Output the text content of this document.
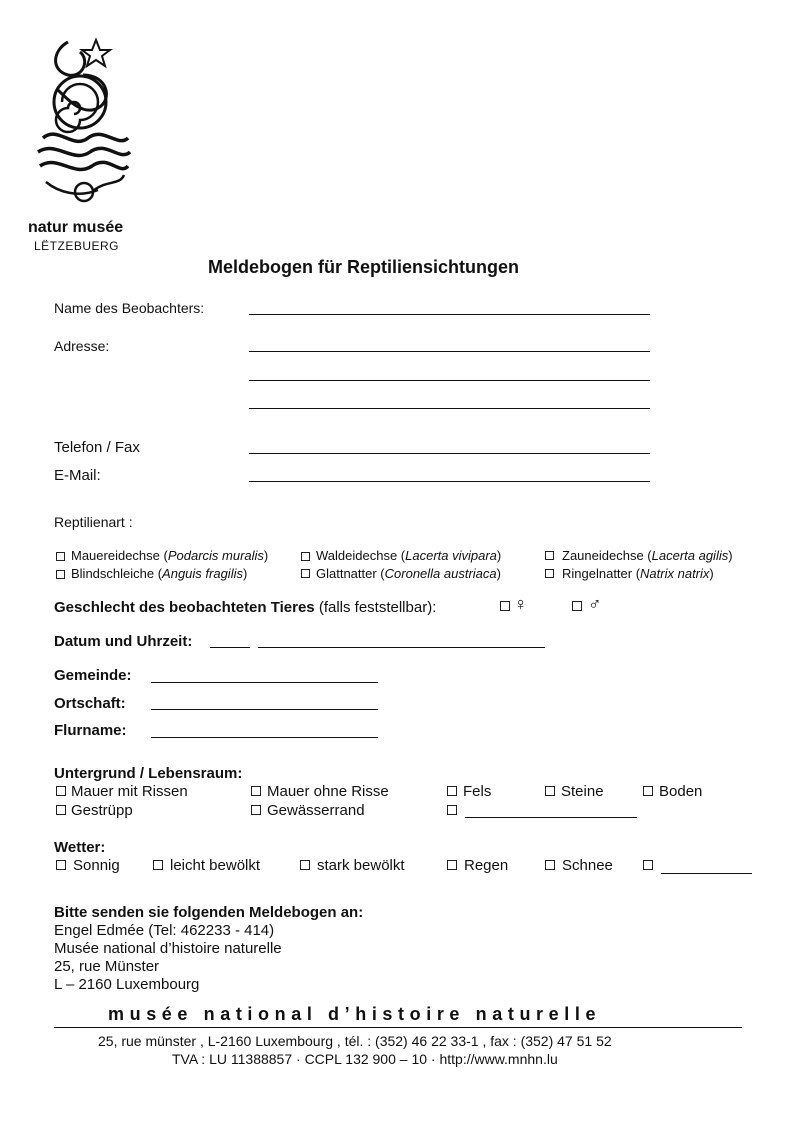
natur musée
LËTZEBUERG
Meldebogen für Reptiliensichtungen
Name des Beobachters:
Adresse:
Telefon / Fax
E-Mail:
Reptilienart :
Mauereidechse (Podarcis muralis)	Waldeidechse (Lacerta vivipara)	Zauneidechse (Lacerta agilis)
Blindschleiche (Anguis fragilis)	Glattnatter (Coronella austriaca)	Ringelnatter (Natrix natrix)
Geschlecht des beobachteten Tieres (falls feststellbar):	♀	♂
Datum und Uhrzeit:
Gemeinde:
Ortschaft:
Flurname:
Untergrund / Lebensraum:
Mauer mit Rissen	Mauer ohne Risse	Fels	Steine	Boden
Gestrüpp	Gewässerrand
Wetter:
Sonnig	leicht bewölkt	stark bewölkt	Regen	Schnee
Bitte senden sie folgenden Meldebogen an:
Engel Edmée (Tel: 462233 - 414)
Musée national d’histoire naturelle
25, rue Münster
L – 2160 Luxembourg
musée national d’histoire naturelle
25, rue münster , L-2160 Luxembourg , tél. : (352) 46 22 33-1 , fax : (352) 47 51 52
TVA : LU 11388857 · CCPL 132 900 – 10 · http://www.mnhn.lu
